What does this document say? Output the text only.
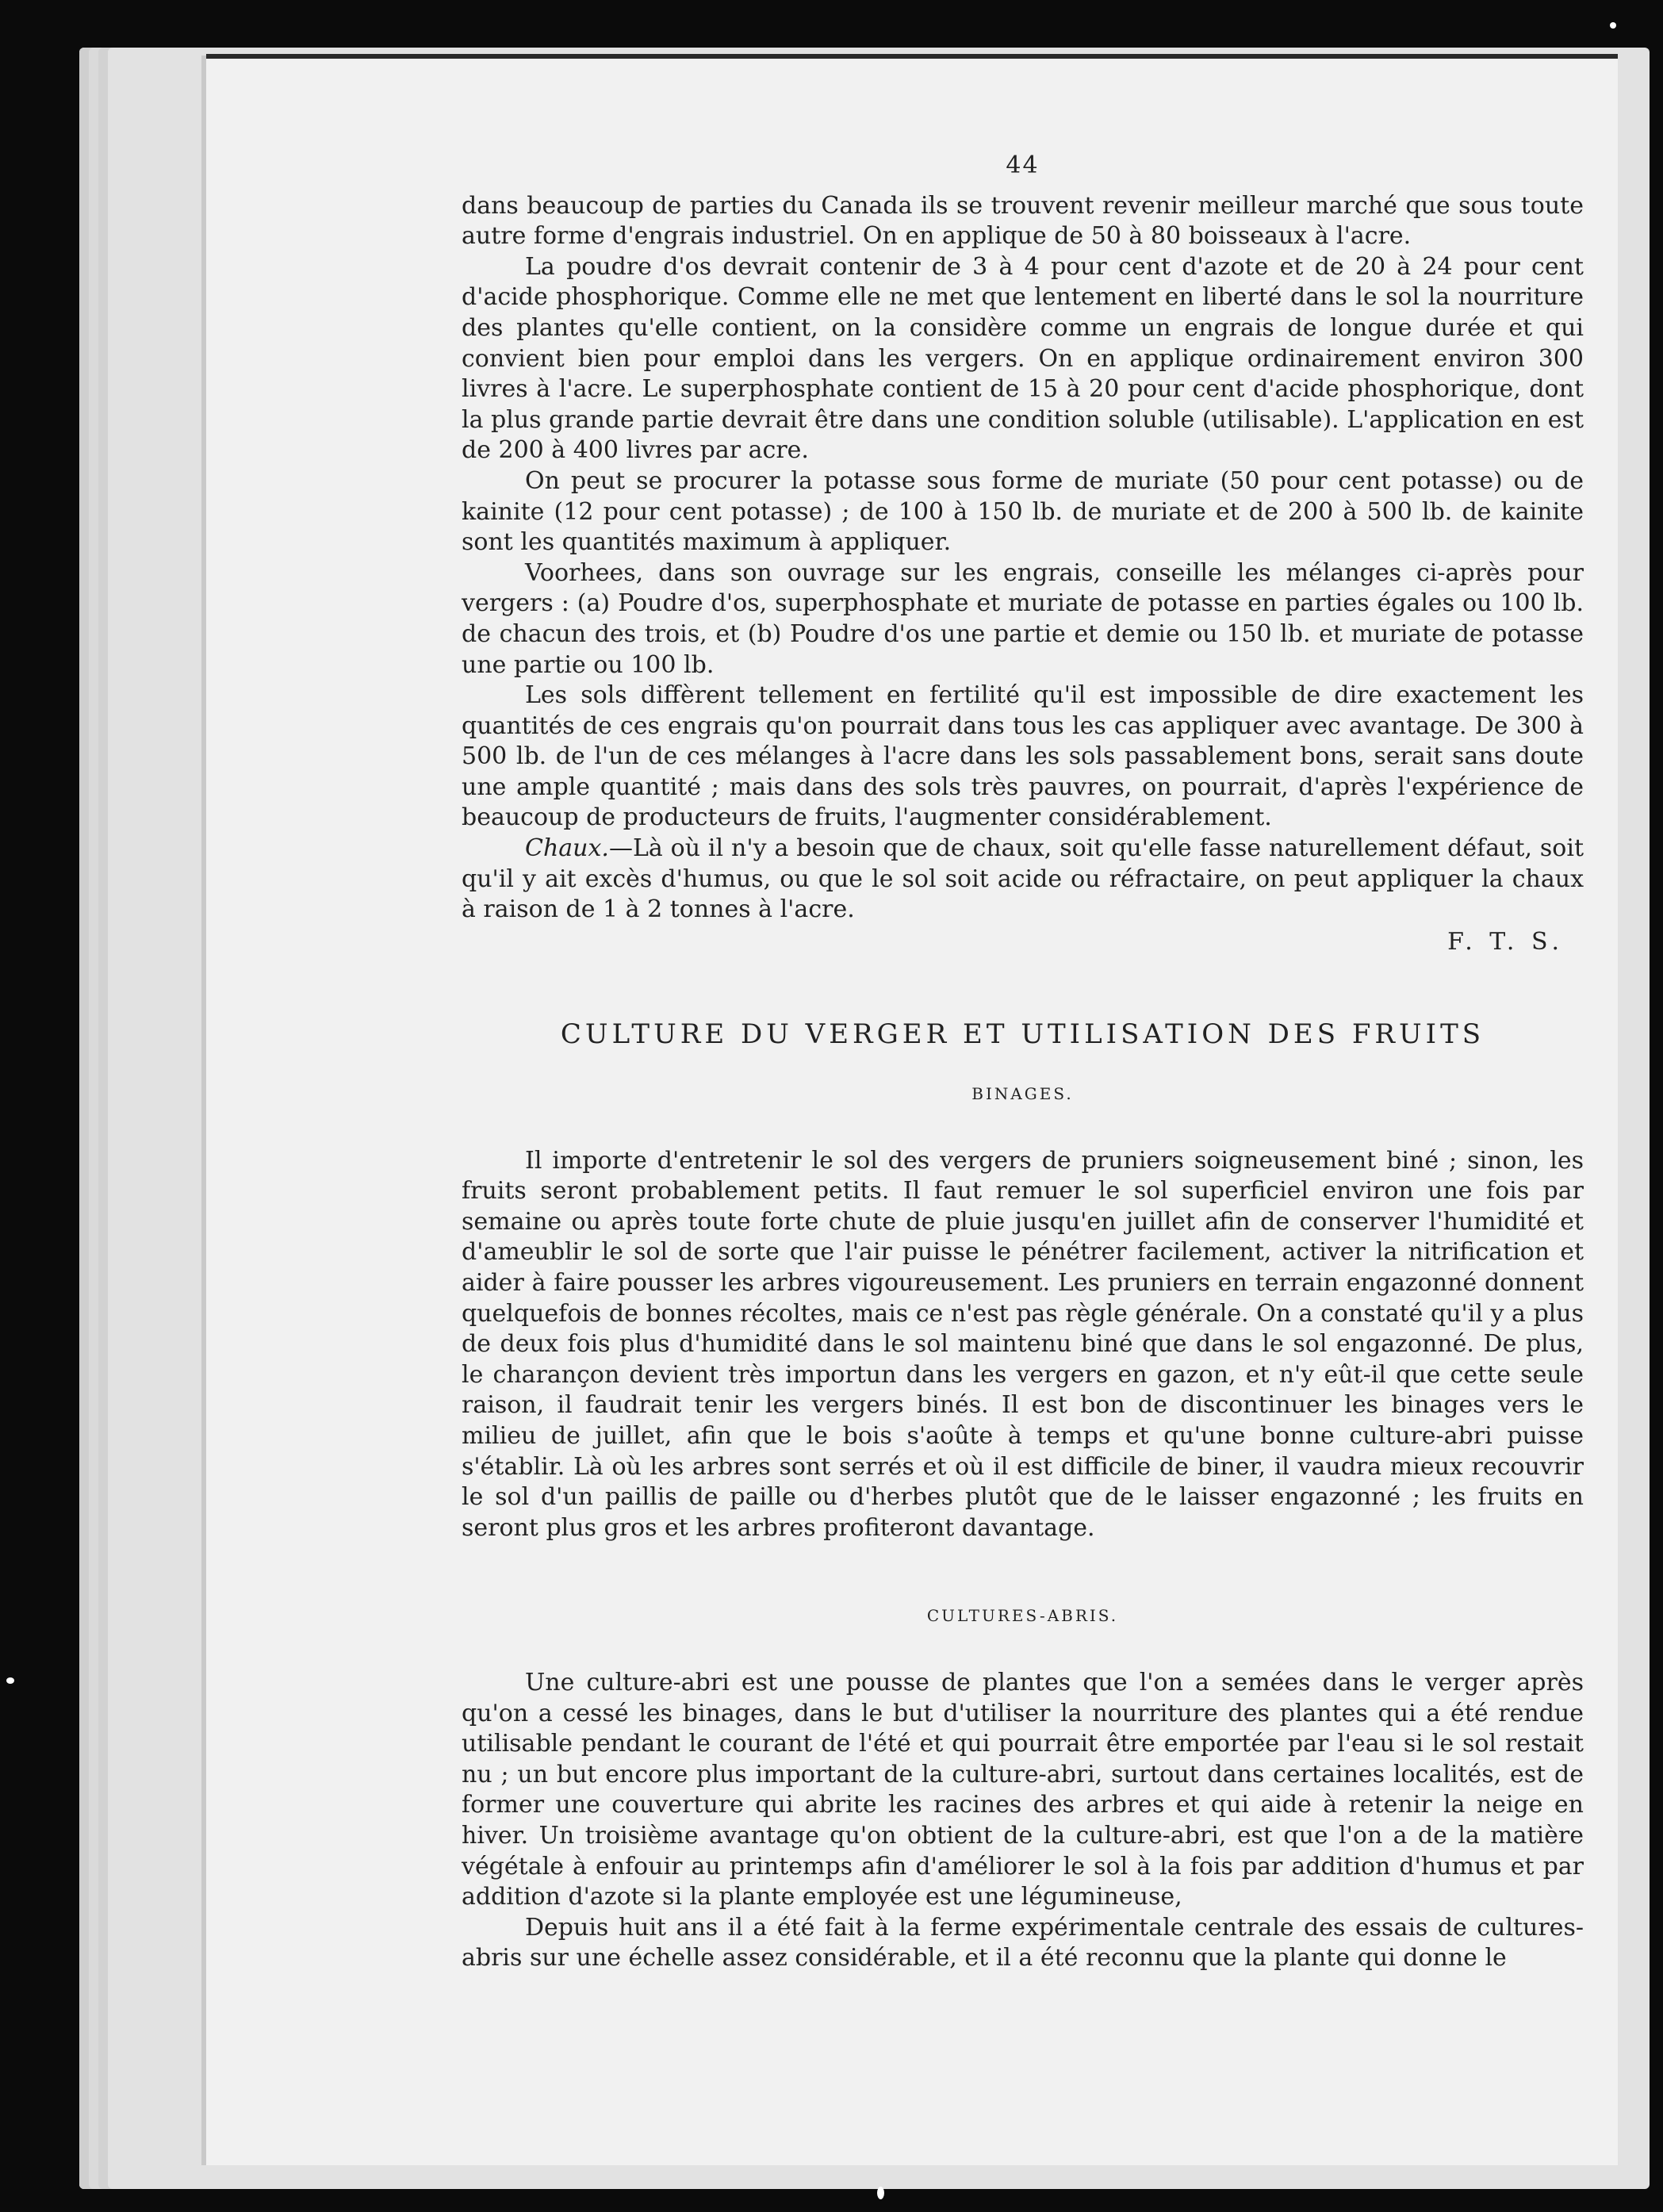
44

dans beaucoup de parties du Canada ils se trouvent revenir meilleur marché que sous toute autre forme d'engrais industriel. On en applique de 50 à 80 boisseaux à l'acre.

La poudre d'os devrait contenir de 3 à 4 pour cent d'azote et de 20 à 24 pour cent d'acide phosphorique. Comme elle ne met que lentement en liberté dans le sol la nourriture des plantes qu'elle contient, on la considère comme un engrais de longue durée et qui convient bien pour emploi dans les vergers. On en applique ordinairement environ 300 livres à l'acre. Le superphosphate contient de 15 à 20 pour cent d'acide phosphorique, dont la plus grande partie devrait être dans une condition soluble (utilisable). L'application en est de 200 à 400 livres par acre.

On peut se procurer la potasse sous forme de muriate (50 pour cent potasse) ou de kainite (12 pour cent potasse) ; de 100 à 150 lb. de muriate et de 200 à 500 lb. de kainite sont les quantités maximum à appliquer.

Voorhees, dans son ouvrage sur les engrais, conseille les mélanges ci-après pour vergers : (a) Poudre d'os, superphosphate et muriate de potasse en parties égales ou 100 lb. de chacun des trois, et (b) Poudre d'os une partie et demie ou 150 lb. et muriate de potasse une partie ou 100 lb.

Les sols diffèrent tellement en fertilité qu'il est impossible de dire exactement les quantités de ces engrais qu'on pourrait dans tous les cas appliquer avec avantage. De 300 à 500 lb. de l'un de ces mélanges à l'acre dans les sols passablement bons, serait sans doute une ample quantité ; mais dans des sols très pauvres, on pourrait, d'après l'expérience de beaucoup de producteurs de fruits, l'augmenter considérablement.

Chaux.—Là où il n'y a besoin que de chaux, soit qu'elle fasse naturellement défaut, soit qu'il y ait excès d'humus, ou que le sol soit acide ou réfractaire, on peut appliquer la chaux à raison de 1 à 2 tonnes à l'acre.

F. T. S.
CULTURE DU VERGER ET UTILISATION DES FRUITS
BINAGES.

Il importe d'entretenir le sol des vergers de pruniers soigneusement biné ; sinon, les fruits seront probablement petits. Il faut remuer le sol superficiel environ une fois par semaine ou après toute forte chute de pluie jusqu'en juillet afin de conserver l'humidité et d'ameublir le sol de sorte que l'air puisse le pénétrer facilement, activer la nitrification et aider à faire pousser les arbres vigoureusement. Les pruniers en terrain engazonné donnent quelquefois de bonnes récoltes, mais ce n'est pas règle générale. On a constaté qu'il y a plus de deux fois plus d'humidité dans le sol maintenu biné que dans le sol engazonné. De plus, le charançon devient très importun dans les vergers en gazon, et n'y eût-il que cette seule raison, il faudrait tenir les vergers binés. Il est bon de discontinuer les binages vers le milieu de juillet, afin que le bois s'aoûte à temps et qu'une bonne culture-abri puisse s'établir. Là où les arbres sont serrés et où il est difficile de biner, il vaudra mieux recouvrir le sol d'un paillis de paille ou d'herbes plutôt que de le laisser engazonné ; les fruits en seront plus gros et les arbres profiteront davantage.

CULTURES-ABRIS.

Une culture-abri est une pousse de plantes que l'on a semées dans le verger après qu'on a cessé les binages, dans le but d'utiliser la nourriture des plantes qui a été rendue utilisable pendant le courant de l'été et qui pourrait être emportée par l'eau si le sol restait nu ; un but encore plus important de la culture-abri, surtout dans certaines localités, est de former une couverture qui abrite les racines des arbres et qui aide à retenir la neige en hiver. Un troisième avantage qu'on obtient de la culture-abri, est que l'on a de la matière végétale à enfouir au printemps afin d'améliorer le sol à la fois par addition d'humus et par addition d'azote si la plante employée est une légumineuse,

Depuis huit ans il a été fait à la ferme expérimentale centrale des essais de cultures-abris sur une échelle assez considérable, et il a été reconnu que la plante qui donne le
